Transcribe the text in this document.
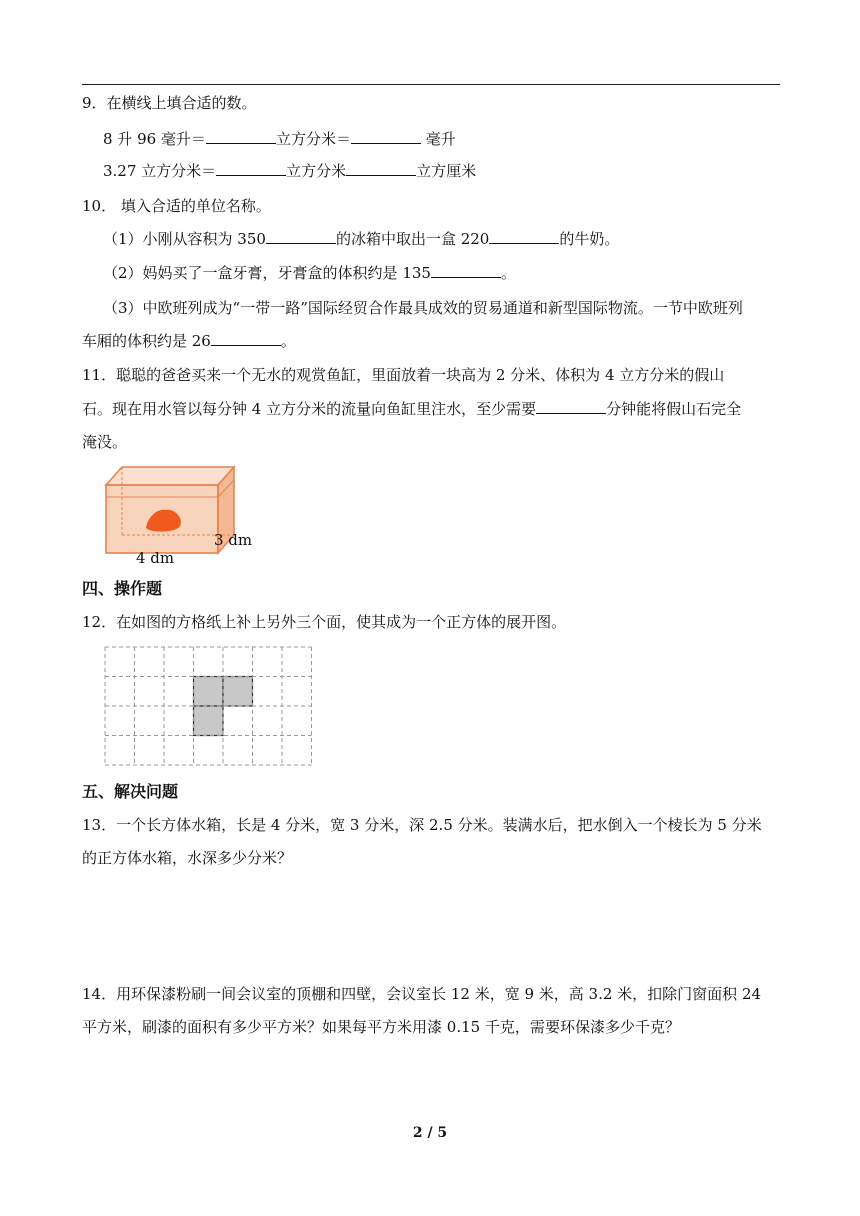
9．在横线上填合适的数。
8 升 96 毫升＝	立方分米＝	毫升
3.27 立方分米＝	立方分米	立方厘米
10． 填入合适的单位名称。
（1）小刚从容积为 350	的冰箱中取出一盒 220	的牛奶。
（2）妈妈买了一盒牙膏，牙膏盒的体积约是 135	。
（3）中欧班列成为“一带一路”国际经贸合作最具成效的贸易通道和新型国际物流。一节中欧班列
车厢的体积约是 26	。
11．聪聪的爸爸买来一个无水的观赏鱼缸，里面放着一块高为 2 分米、体积为 4 立方分米的假山
石。现在用水管以每分钟 4 立方分米的流量向鱼缸里注水，至少需要	分钟能将假山石完全
淹没。
3 dm
4 dm
四、操作题
12．在如图的方格纸上补上另外三个面，使其成为一个正方体的展开图。
五、解决问题
13．一个长方体水箱，长是 4 分米，宽 3 分米，深 2.5 分米。装满水后，把水倒入一个棱长为 5 分米
的正方体水箱，水深多少分米？
14．用环保漆粉刷一间会议室的顶棚和四壁，会议室长 12 米，宽 9 米，高 3.2 米，扣除门窗面积 24
平方米，刷漆的面积有多少平方米？如果每平方米用漆 0.15 千克，需要环保漆多少千克？
2 / 5
